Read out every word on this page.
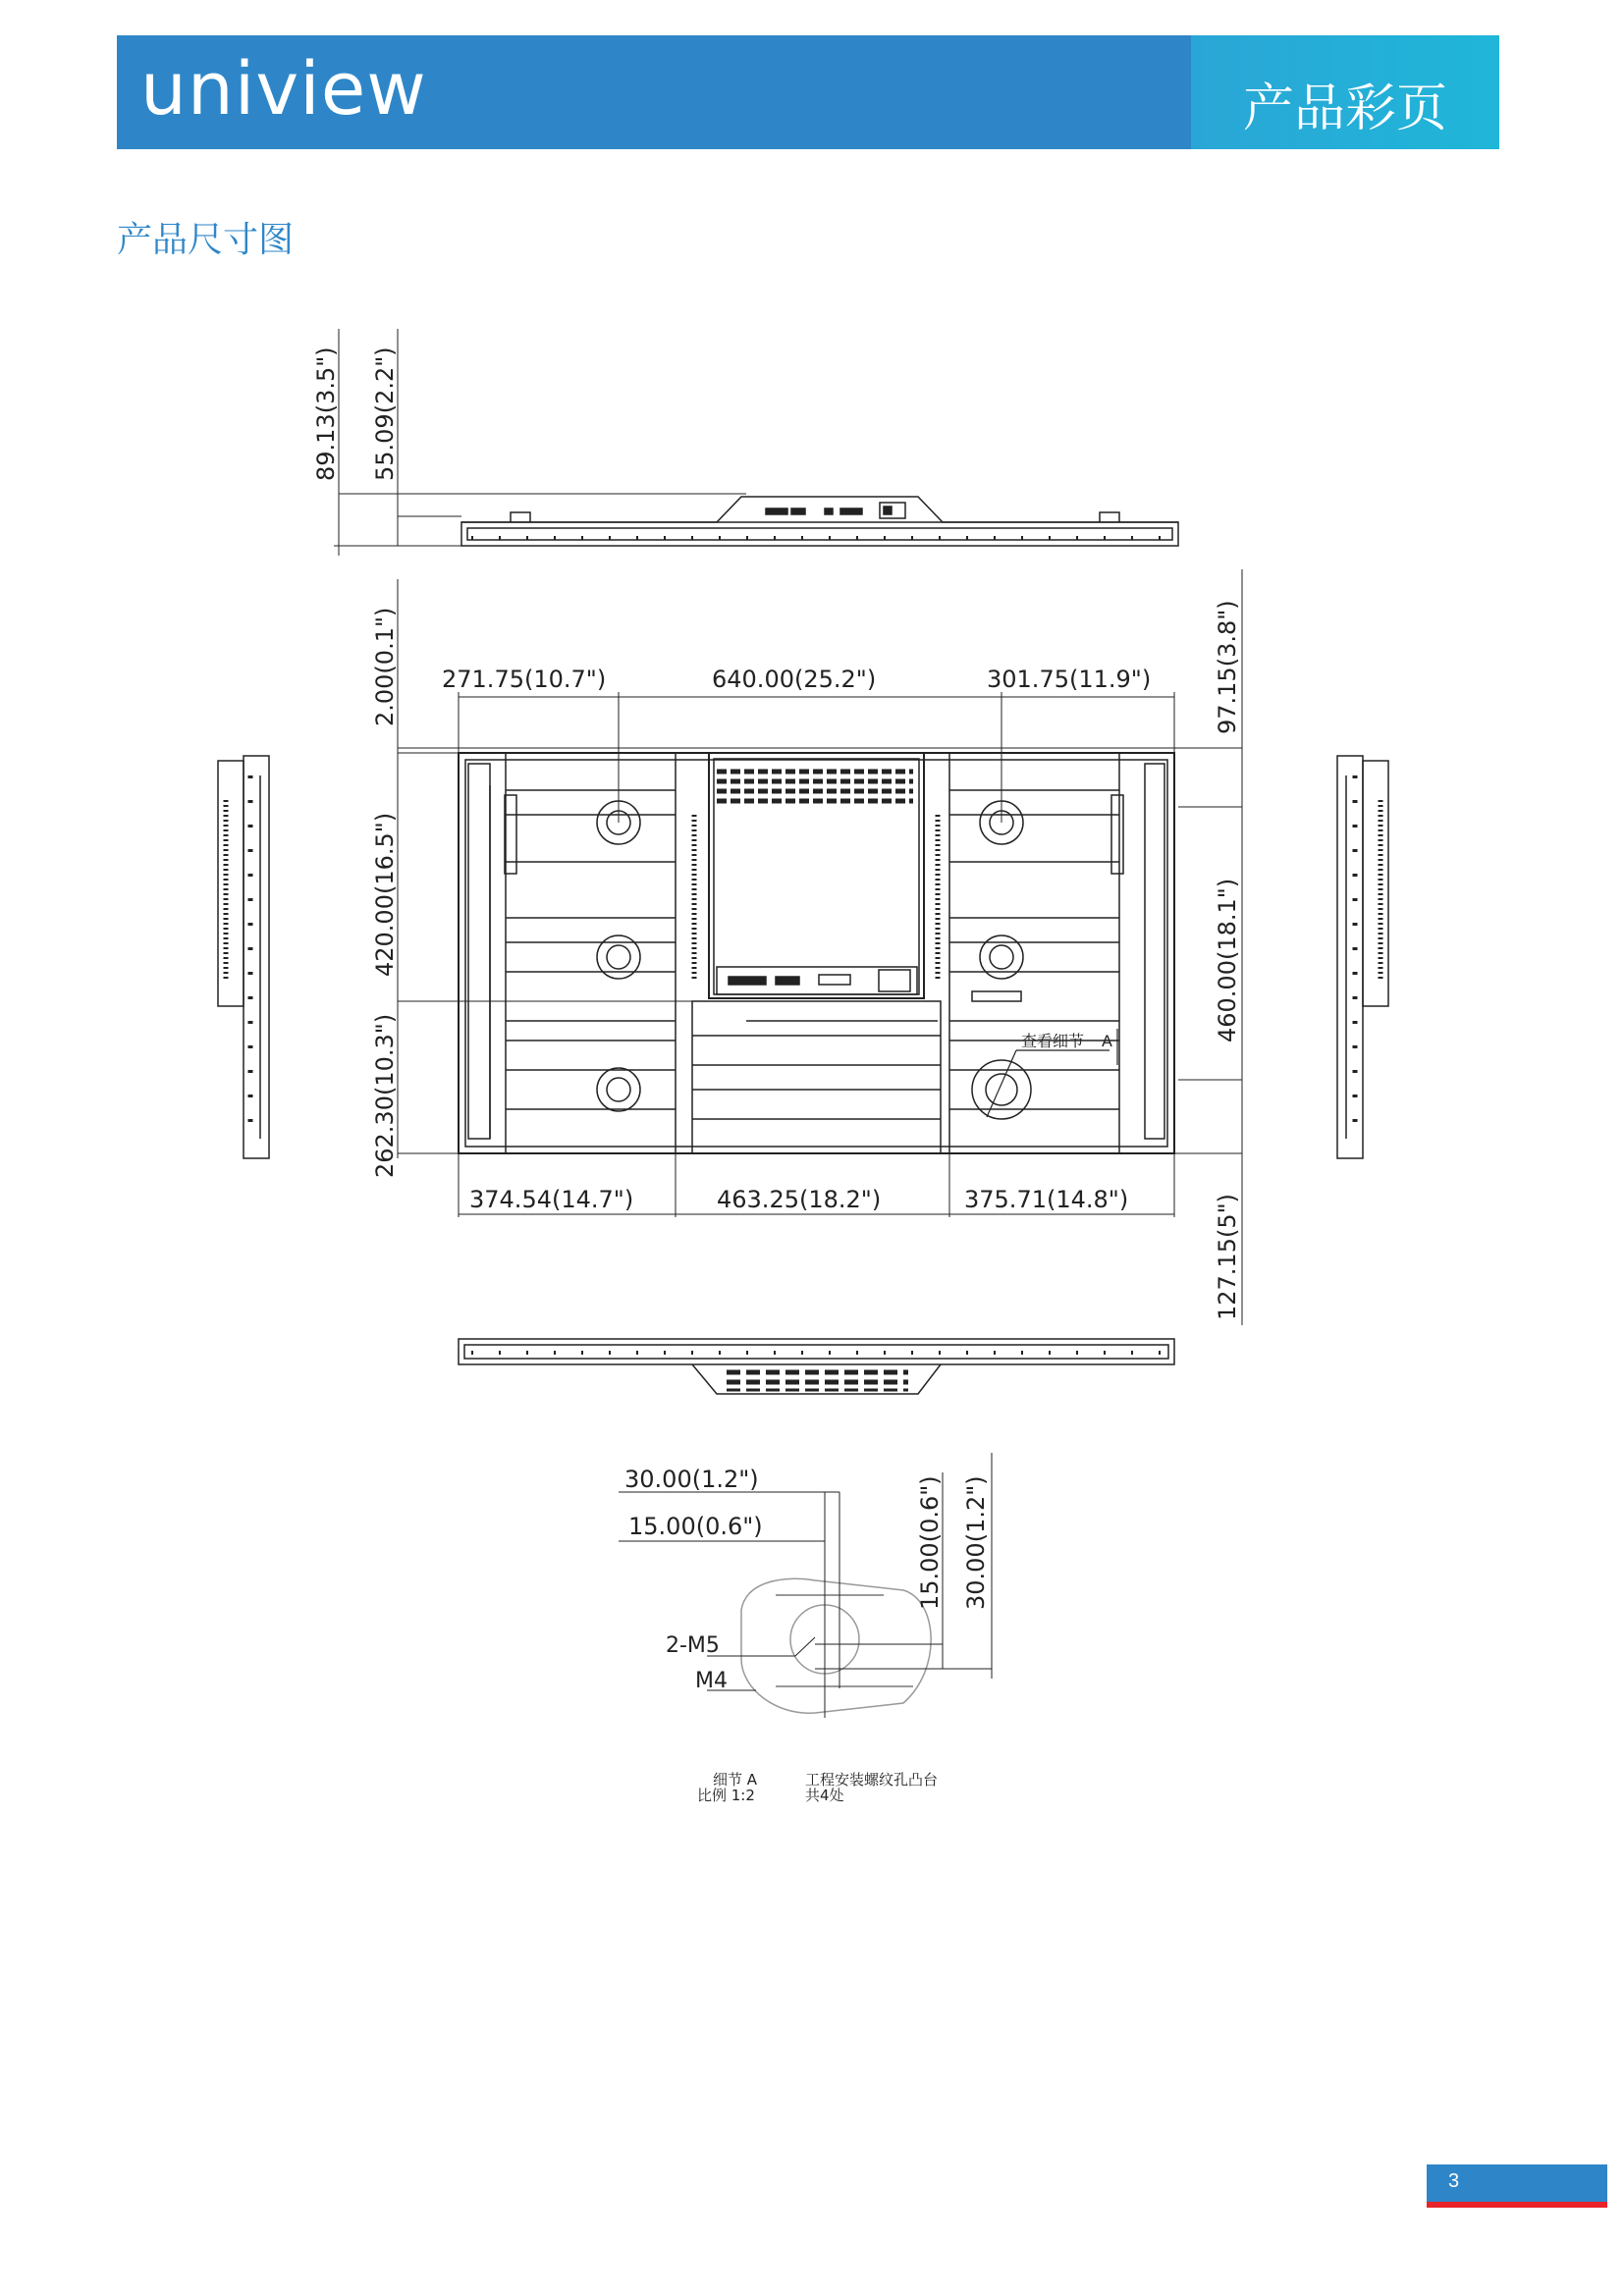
uniview	产品彩页
产品尺寸图
89.13(3.5") 55.09(2.2")
2.00(0.1") 271.75(10.7")	640.00(25.2")	301.75(11.9")	97.15(3.8")
420.00(16.5")
262.30(10.3")
460.00(18.1")
127.15(5")
374.54(14.7")	463.25(18.2")	375.71(14.8")
查看细节 A
30.00(1.2")
15.00(0.6")	15.00(0.6") 30.00(1.2")
2-M5
M4
细节 A
比例 1:2
工程安装螺纹孔凸台
共4处
3
